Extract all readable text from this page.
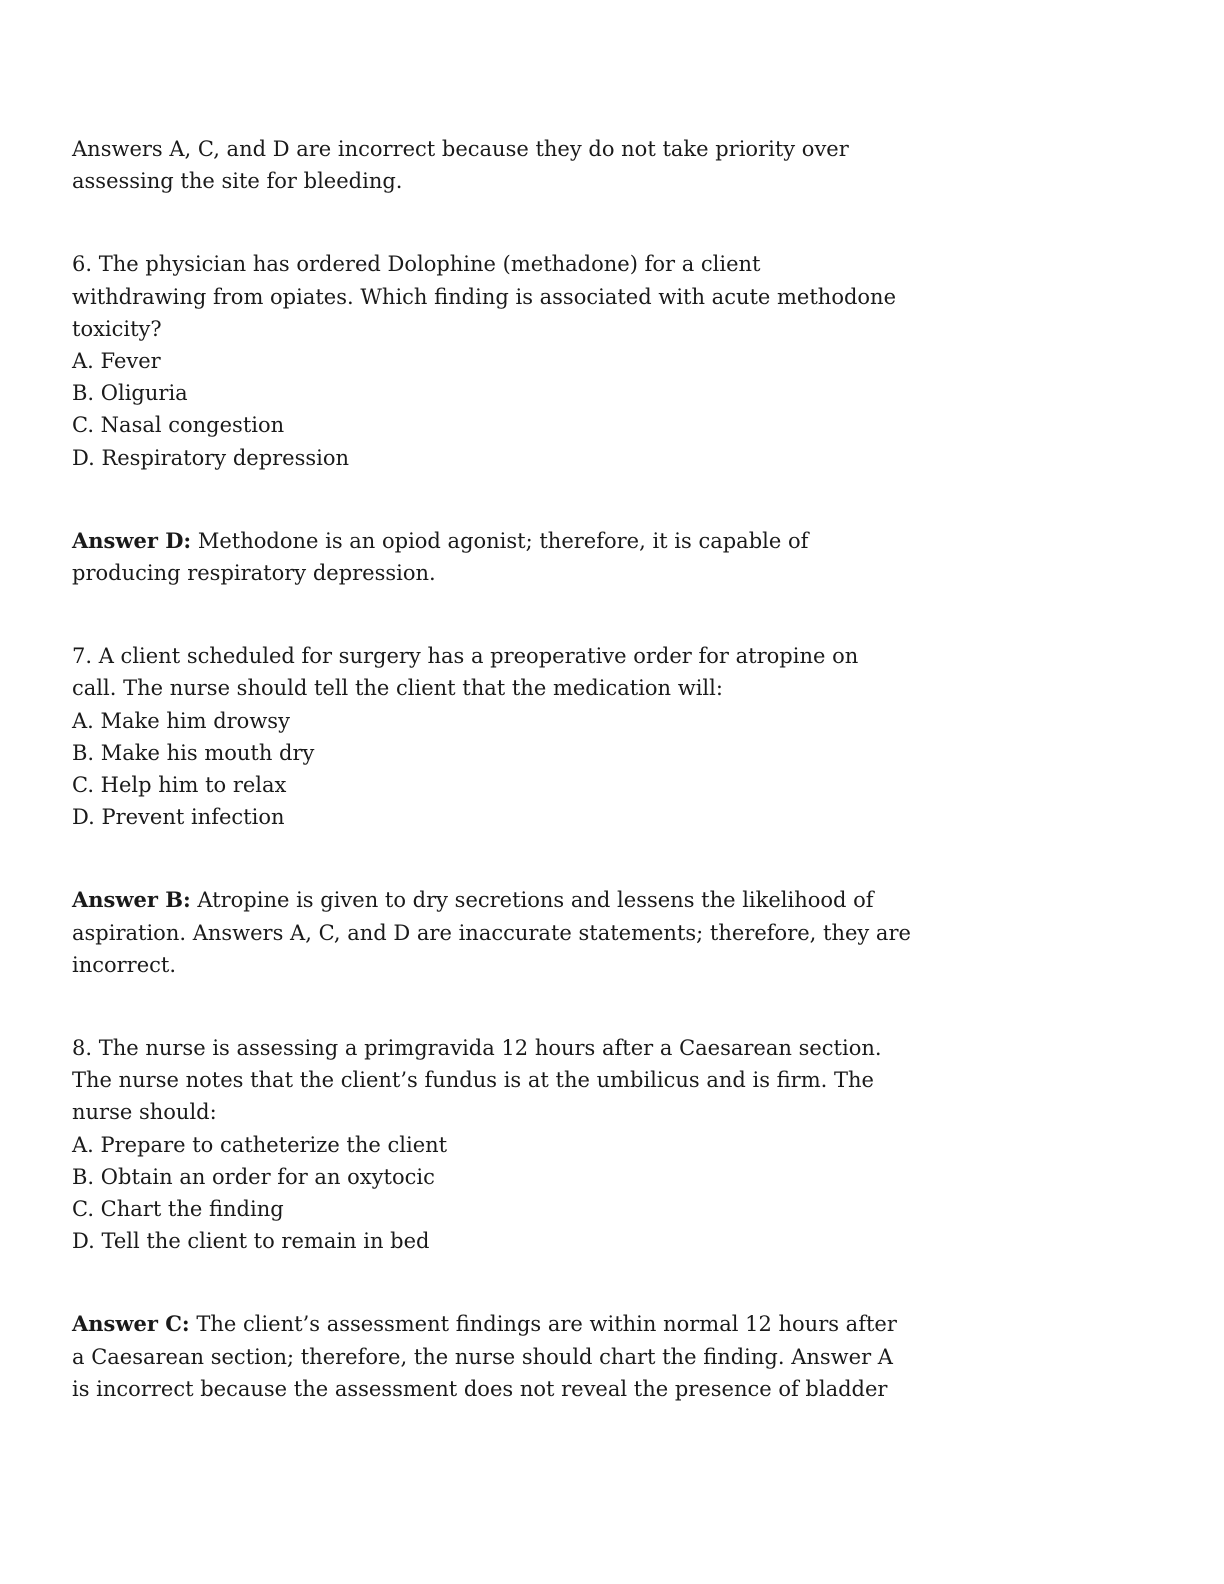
Answers A, C, and D are incorrect because they do not take priority over
assessing the site for bleeding.
6. The physician has ordered Dolophine (methadone) for a client
withdrawing from opiates. Which finding is associated with acute methodone
toxicity?
A. Fever
B. Oliguria
C. Nasal congestion
D. Respiratory depression
Answer D: Methodone is an opiod agonist; therefore, it is capable of
producing respiratory depression.
7. A client scheduled for surgery has a preoperative order for atropine on
call. The nurse should tell the client that the medication will:
A. Make him drowsy
B. Make his mouth dry
C. Help him to relax
D. Prevent infection
Answer B: Atropine is given to dry secretions and lessens the likelihood of
aspiration. Answers A, C, and D are inaccurate statements; therefore, they are
incorrect.
8. The nurse is assessing a primgravida 12 hours after a Caesarean section.
The nurse notes that the client’s fundus is at the umbilicus and is firm. The
nurse should:
A. Prepare to catheterize the client
B. Obtain an order for an oxytocic
C. Chart the finding
D. Tell the client to remain in bed
Answer C: The client’s assessment findings are within normal 12 hours after
a Caesarean section; therefore, the nurse should chart the finding. Answer A
is incorrect because the assessment does not reveal the presence of bladder
